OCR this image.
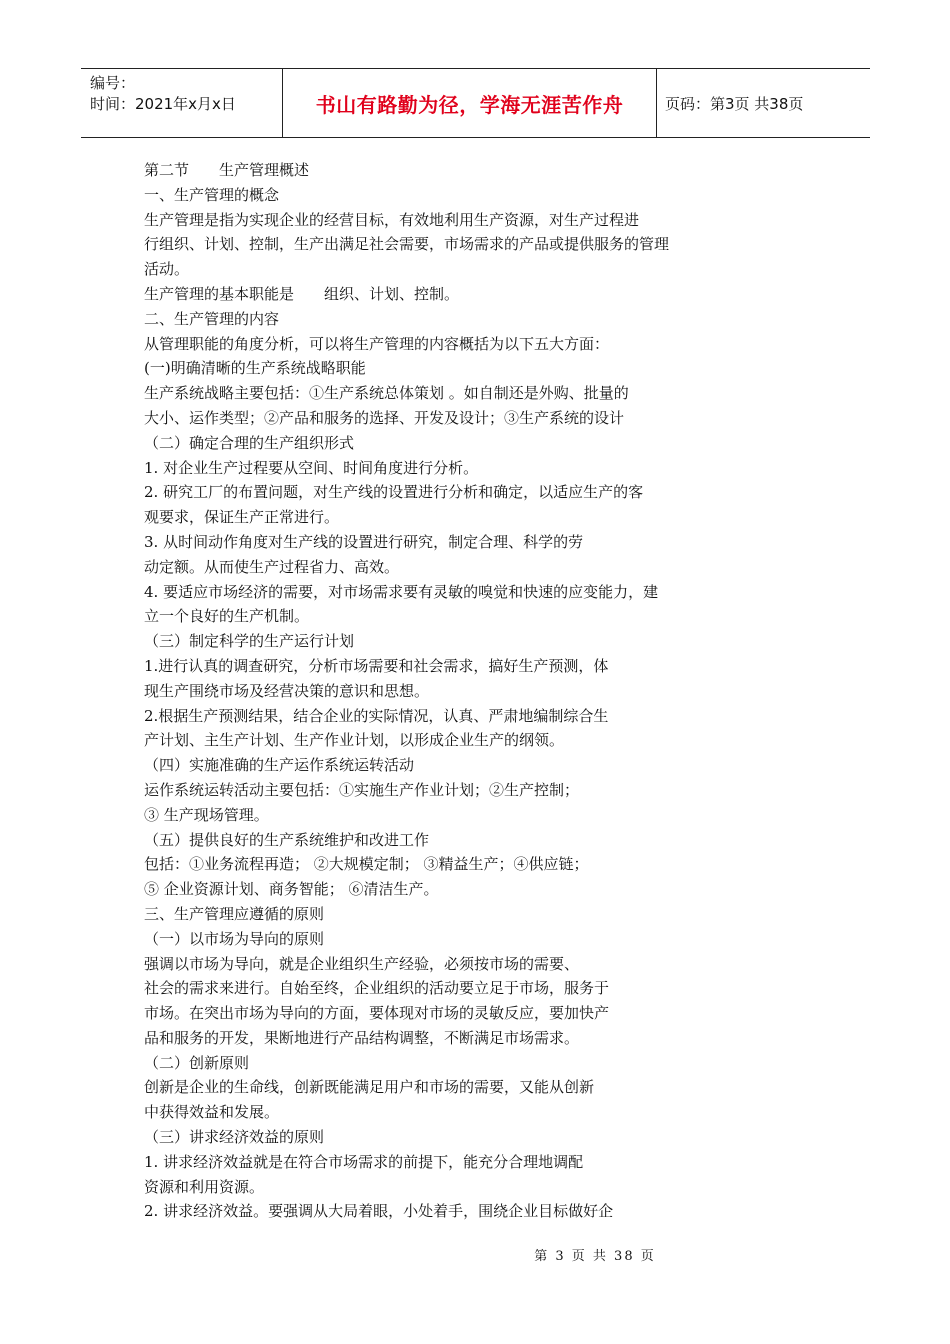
编号：
时间：2021年x月x日	书山有路勤为径，学海无涯苦作舟	页码：第3页 共38页

第二节　　生产管理概述

一、生产管理的概念

生产管理是指为实现企业的经营目标，有效地利用生产资源，对生产过程进

行组织、计划、控制，生产出满足社会需要，市场需求的产品或提供服务的管理

活动。

生产管理的基本职能是　　组织、计划、控制。

二、生产管理的内容

从管理职能的角度分析，可以将生产管理的内容概括为以下五大方面：

(一)明确清晰的生产系统战略职能

生产系统战略主要包括：①生产系统总体策划 。如自制还是外购、批量的

大小、运作类型；②产品和服务的选择、开发及设计；③生产系统的设计

（二）确定合理的生产组织形式

1. 对企业生产过程要从空间、时间角度进行分析。

2. 研究工厂的布置问题，对生产线的设置进行分析和确定，以适应生产的客

观要求，保证生产正常进行。

3. 从时间动作角度对生产线的设置进行研究，制定合理、科学的劳

动定额。从而使生产过程省力、高效。

4. 要适应市场经济的需要，对市场需求要有灵敏的嗅觉和快速的应变能力，建

立一个良好的生产机制。

（三）制定科学的生产运行计划

1.进行认真的调查研究，分析市场需要和社会需求，搞好生产预测，体

现生产围绕市场及经营决策的意识和思想。

2.根据生产预测结果，结合企业的实际情况，认真、严肃地编制综合生

产计划、主生产计划、生产作业计划，以形成企业生产的纲领。

（四）实施准确的生产运作系统运转活动

运作系统运转活动主要包括：①实施生产作业计划；②生产控制；

③ 生产现场管理。

（五）提供良好的生产系统维护和改进工作

包括：①业务流程再造； ②大规模定制； ③精益生产；④供应链；

⑤ 企业资源计划、商务智能； ⑥清洁生产。

三、生产管理应遵循的原则

（一）以市场为导向的原则

强调以市场为导向，就是企业组织生产经验，必须按市场的需要、

社会的需求来进行。自始至终，企业组织的活动要立足于市场，服务于

市场。在突出市场为导向的方面，要体现对市场的灵敏反应，要加快产

品和服务的开发，果断地进行产品结构调整，不断满足市场需求。

（二）创新原则

创新是企业的生命线，创新既能满足用户和市场的需要，又能从创新

中获得效益和发展。

（三）讲求经济效益的原则

1. 讲求经济效益就是在符合市场需求的前提下，能充分合理地调配

资源和利用资源。

2. 讲求经济效益。要强调从大局着眼，小处着手，围绕企业目标做好企

第 3 页 共 38 页
